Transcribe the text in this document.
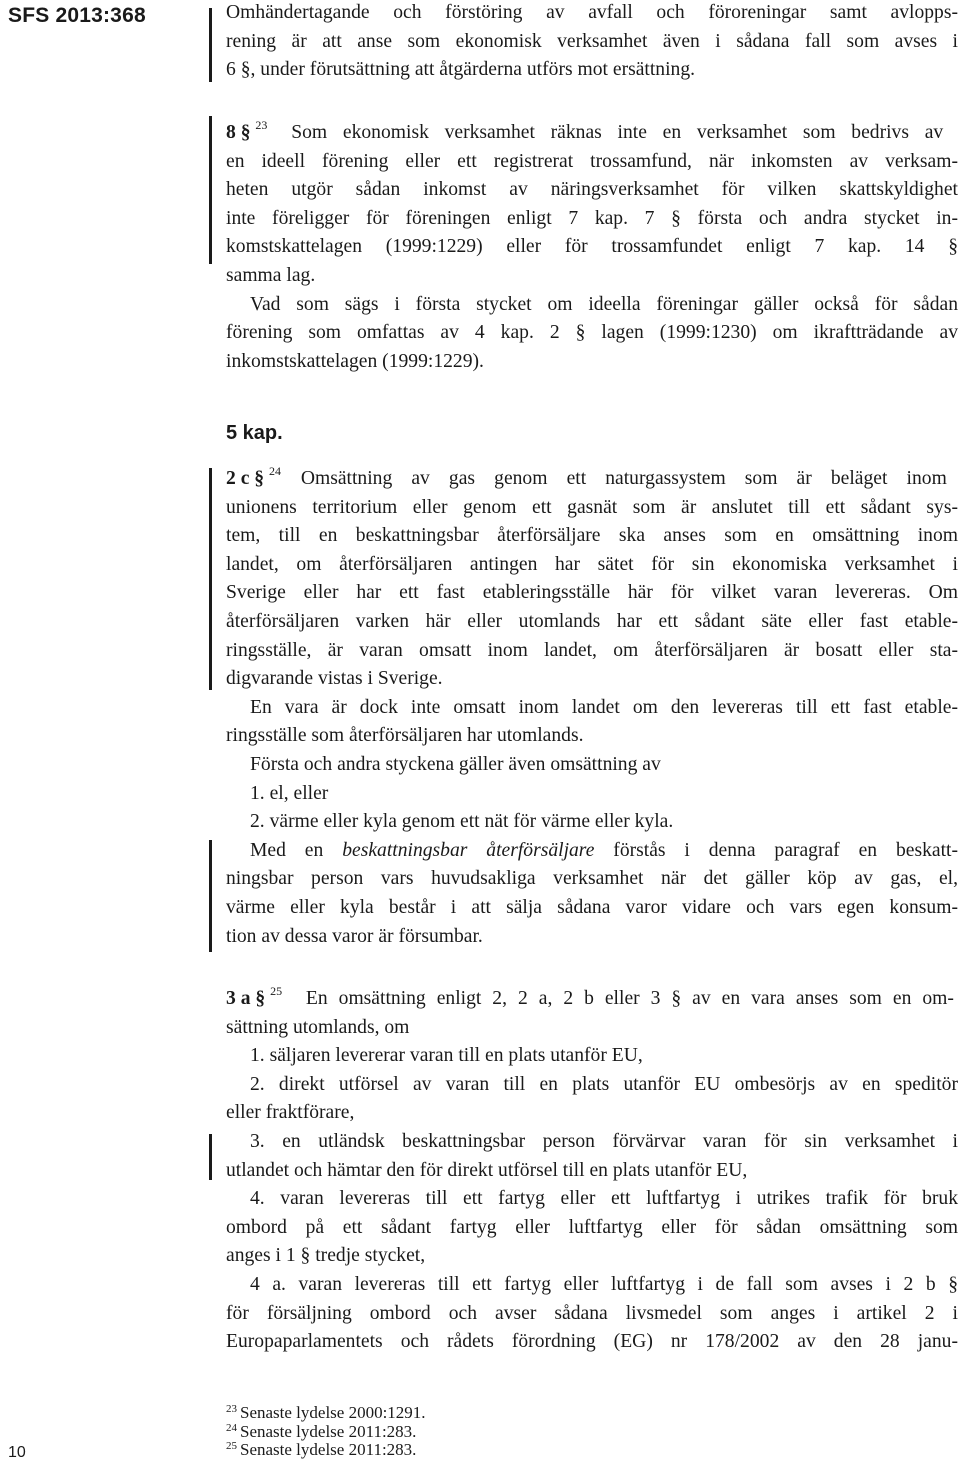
SFS 2013:368
10
Omhändertagande och förstöring av avfall och föroreningar samt avlopps-
rening är att anse som ekonomisk verksamhet även i sådana fall som avses i
6 §, under förutsättning att åtgärderna utförs mot ersättning.
8 § $^{23}$ Som ekonomisk verksamhet räknas inte en verksamhet som bedrivs av
en ideell förening eller ett registrerat trossamfund, när inkomsten av verksam-
heten utgör sådan inkomst av näringsverksamhet för vilken skattskyldighet
inte föreligger för föreningen enligt 7 kap. 7 § första och andra stycket in-
komstskattelagen (1999:1229) eller för trossamfundet enligt 7 kap. 14 §
samma lag.
Vad som sägs i första stycket om ideella föreningar gäller också för sådan
förening som omfattas av 4 kap. 2 § lagen (1999:1230) om ikraftträdande av
inkomstskattelagen (1999:1229).
5 kap.
2 c § $^{24}$ Omsättning av gas genom ett naturgassystem som är beläget inom
unionens territorium eller genom ett gasnät som är anslutet till ett sådant sys-
tem, till en beskattningsbar återförsäljare ska anses som en omsättning inom
landet, om återförsäljaren antingen har sätet för sin ekonomiska verksamhet i
Sverige eller har ett fast etableringsställe här för vilket varan levereras. Om
återförsäljaren varken här eller utomlands har ett sådant säte eller fast etable-
ringsställe, är varan omsatt inom landet, om återförsäljaren är bosatt eller sta-
digvarande vistas i Sverige.
En vara är dock inte omsatt inom landet om den levereras till ett fast etable-
ringsställe som återförsäljaren har utomlands.
Första och andra styckena gäller även omsättning av
1. el, eller
2. värme eller kyla genom ett nät för värme eller kyla.
Med en beskattningsbar återförsäljare förstås i denna paragraf en beskatt-
ningsbar person vars huvudsakliga verksamhet när det gäller köp av gas, el,
värme eller kyla består i att sälja sådana varor vidare och vars egen konsum-
tion av dessa varor är försumbar.
3 a § $^{25}$ En omsättning enligt 2, 2 a, 2 b eller 3 § av en vara anses som en om-
sättning utomlands, om
1. säljaren levererar varan till en plats utanför EU,
2. direkt utförsel av varan till en plats utanför EU ombesörjs av en speditör
eller fraktförare,
3. en utländsk beskattningsbar person förvärvar varan för sin verksamhet i
utlandet och hämtar den för direkt utförsel till en plats utanför EU,
4. varan levereras till ett fartyg eller ett luftfartyg i utrikes trafik för bruk
ombord på ett sådant fartyg eller luftfartyg eller för sådan omsättning som
anges i 1 § tredje stycket,
4 a. varan levereras till ett fartyg eller luftfartyg i de fall som avses i 2 b §
för försäljning ombord och avser sådana livsmedel som anges i artikel 2 i
Europaparlamentets och rådets förordning (EG) nr 178/2002 av den 28 janu-
$^{23}$ Senaste lydelse 2000:1291.
$^{24}$ Senaste lydelse 2011:283.
$^{25}$ Senaste lydelse 2011:283.
